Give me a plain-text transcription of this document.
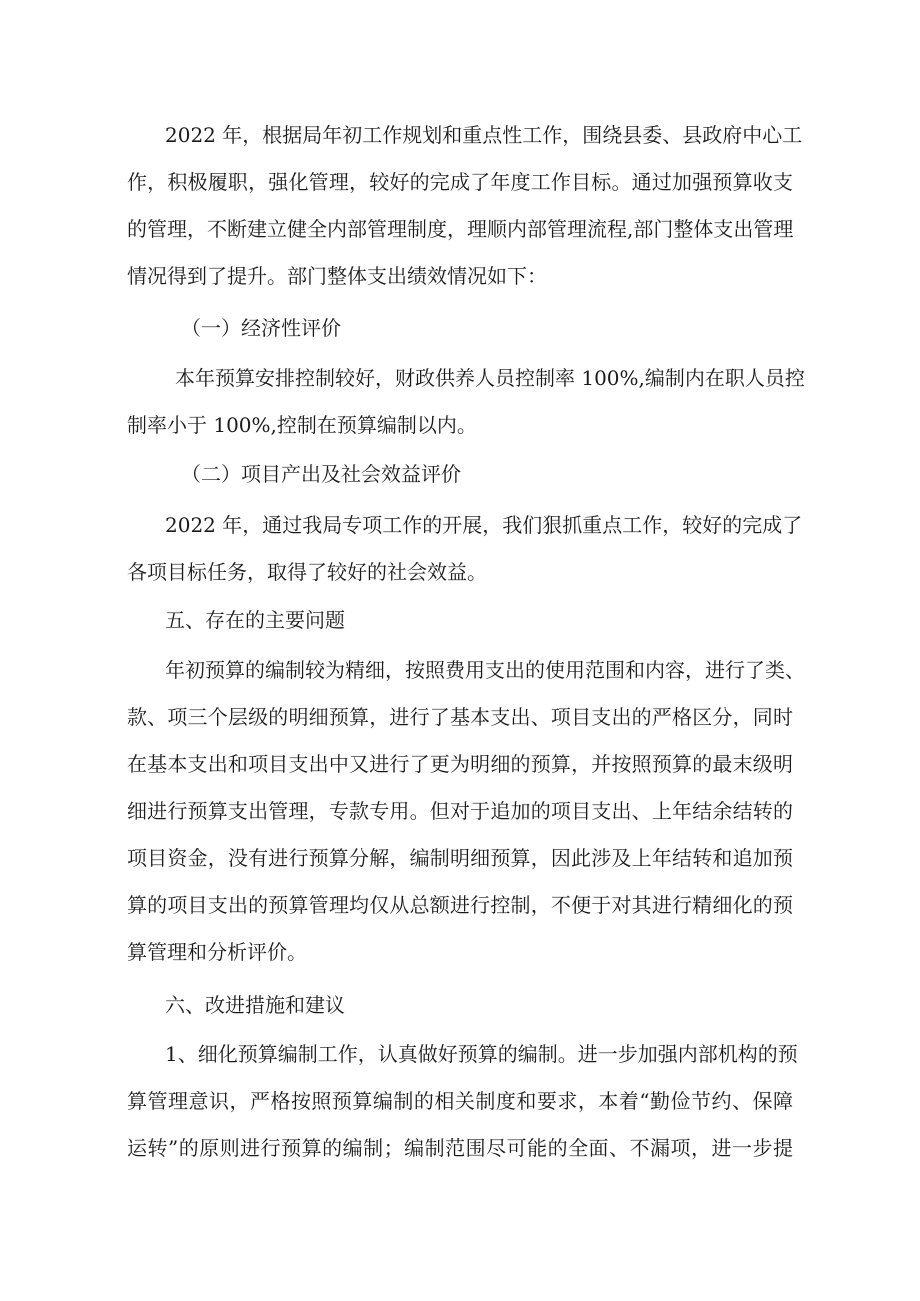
2022 年，根据局年初工作规划和重点性工作，围绕县委、县政府中心工

作，积极履职，强化管理，较好的完成了年度工作目标。通过加强预算收支

的管理，不断建立健全内部管理制度，理顺内部管理流程,部门整体支出管理

情况得到了提升。部门整体支出绩效情况如下：

（一）经济性评价

本年预算安排控制较好，财政供养人员控制率 100%,编制内在职人员控

制率小于 100%,控制在预算编制以内。

（二）项目产出及社会效益评价

2022 年，通过我局专项工作的开展，我们狠抓重点工作，较好的完成了

各项目标任务，取得了较好的社会效益。

五、存在的主要问题

年初预算的编制较为精细，按照费用支出的使用范围和内容，进行了类、

款、项三个层级的明细预算，进行了基本支出、项目支出的严格区分，同时

在基本支出和项目支出中又进行了更为明细的预算，并按照预算的最末级明

细进行预算支出管理，专款专用。但对于追加的项目支出、上年结余结转的

项目资金，没有进行预算分解，编制明细预算，因此涉及上年结转和追加预

算的项目支出的预算管理均仅从总额进行控制，不便于对其进行精细化的预

算管理和分析评价。

六、改进措施和建议

1、细化预算编制工作，认真做好预算的编制。进一步加强内部机构的预

算管理意识，严格按照预算编制的相关制度和要求，本着“勤俭节约、保障

运转”的原则进行预算的编制；编制范围尽可能的全面、不漏项，进一步提
